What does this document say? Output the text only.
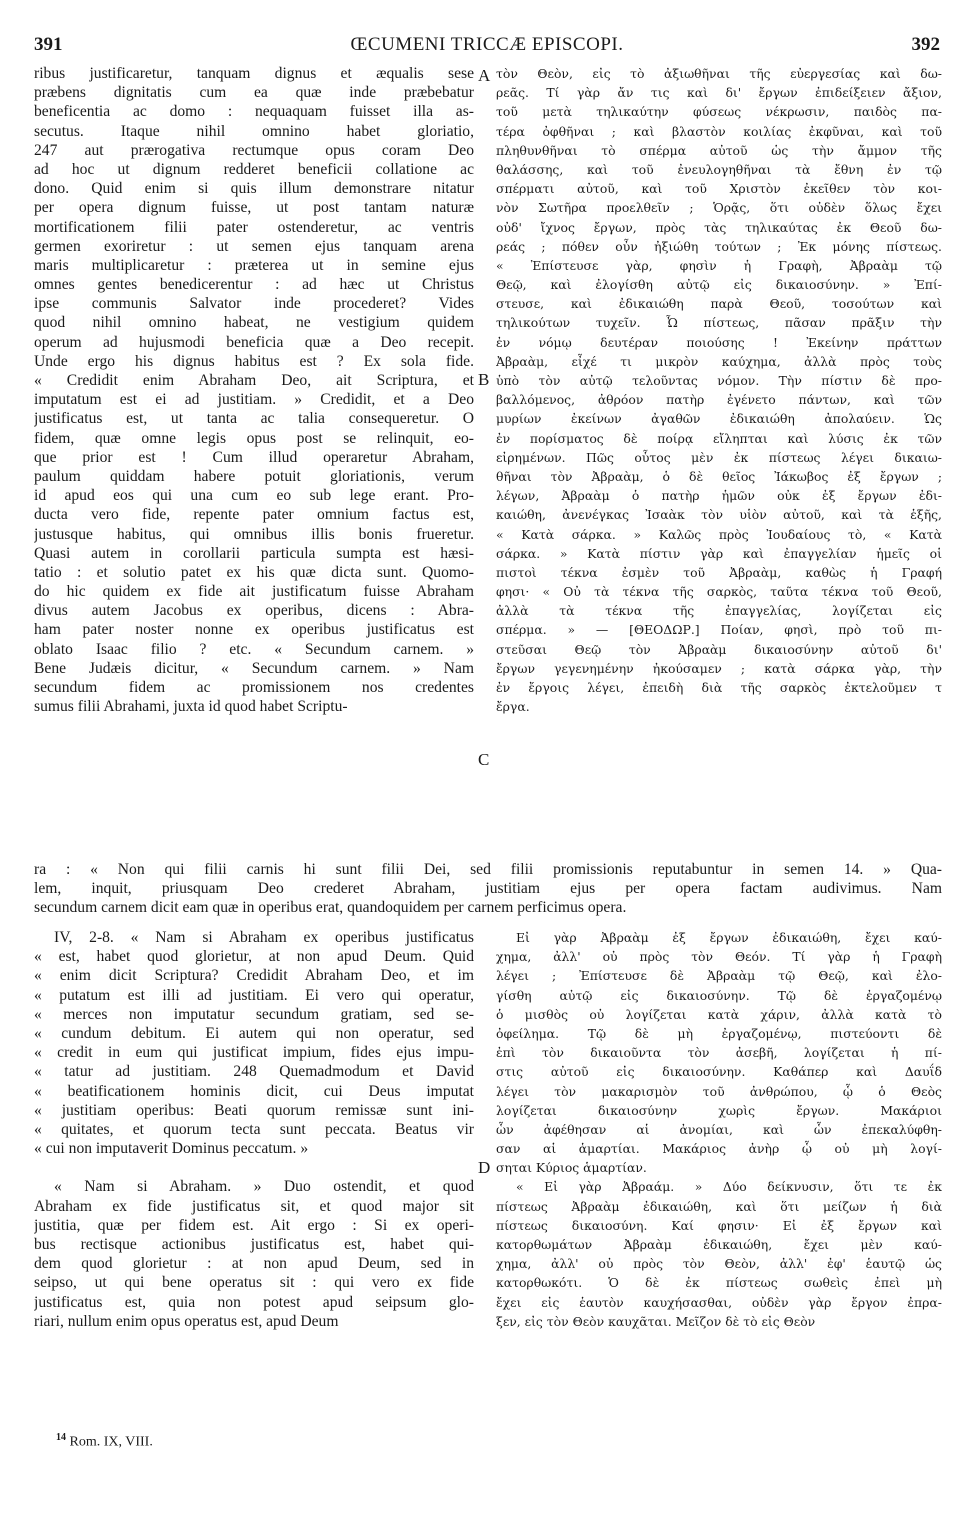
391	ŒCUMENI TRICCÆ EPISCOPI.	392
ribus justificaretur, tanquam dignus et æqualis sese
præbens dignitatis cum ea quæ inde præbebatur
beneficentia ac domo : nequaquam fuisset illa as-
secutus. Itaque nihil omnino habet gloriatio,
247 aut prærogativa rectumque opus coram Deo
ad hoc ut dignum redderet beneficii collatione ac
dono. Quid enim si quis illum demonstrare nitatur
per opera dignum fuisse, ut post tantam naturæ
mortificationem filii pater ostenderetur, ac ventris
germen exoriretur : ut semen ejus tanquam arena
maris multiplicaretur : præterea ut in semine ejus
omnes gentes benedicerentur : ad hæc ut Christus
ipse communis Salvator inde procederet? Vides
quod nihil omnino habeat, ne vestigium quidem
operum ad hujusmodi beneficia quæ a Deo recepit.
Unde ergo his dignus habitus est ? Ex sola fide.
« Credidit enim Abraham Deo, ait Scriptura, et
imputatum est ei ad justitiam. » Credidit, et a Deo
justificatus est, ut tanta ac talia consequeretur. O
fidem, quæ omne legis opus post se relinquit, eo-
que prior est ! Cum illud operaretur Abraham,
paulum quiddam habere potuit gloriationis, verum
id apud eos qui una cum eo sub lege erant. Pro-
ducta vero fide, repente pater omnium factus est,
justusque habitus, qui omnibus illis bonis frueretur.
Quasi autem in corollarii particula sumpta est hæsi-
tatio : et solutio patet ex his quæ dicta sunt. Quomo-
do hic quidem ex fide ait justificatum fuisse Abraham
divus autem Jacobus ex operibus, dicens : Abra-
ham pater noster nonne ex operibus justificatus est
oblato Isaac filio ? etc. « Secundum carnem. »
Bene Judæis dicitur, « Secundum carnem. » Nam
secundum fidem ac promissionem nos credentes
sumus filii Abrahami, juxta id quod habet Scriptu-
τὸν Θεὸν, εἰς τὸ ἀξιωθῆναι τῆς εὐεργεσίας καὶ δω-
ρεᾶς. Τί γὰρ ἄν τις καὶ δι' ἔργων ἐπιδείξειεν ἄξιον,
τοῦ μετὰ τηλικαύτην φύσεως νέκρωσιν, παιδὸς πα-
τέρα ὀφθῆναι ; καὶ βλαστὸν κοιλίας ἐκφῦναι, καὶ τοῦ
πληθυνθῆναι τὸ σπέρμα αὐτοῦ ὡς τὴν ἄμμον τῆς
θαλάσσης, καὶ τοῦ ἐνευλογηθῆναι τὰ ἔθνη ἐν τῷ
σπέρματι αὐτοῦ, καὶ τοῦ Χριστὸν ἐκεῖθεν τὸν κοι-
νὸν Σωτῆρα προελθεῖν ; Ὁρᾷς, ὅτι οὐδὲν ὅλως ἔχει
οὐδ' ἴχνος ἔργων, πρὸς τὰς τηλικαύτας ἐκ Θεοῦ δω-
ρεάς ; πόθεν οὖν ἠξιώθη τούτων ; Ἐκ μόνης πίστεως.
« Ἐπίστευσε γὰρ, φησὶν ἡ Γραφὴ, Ἀβραὰμ τῷ
Θεῷ, καὶ ἐλογίσθη αὐτῷ εἰς δικαιοσύνην. » Ἐπί-
στευσε, καὶ ἐδικαιώθη παρὰ Θεοῦ, τοσούτων καὶ
τηλικούτων τυχεῖν. Ὦ πίστεως, πᾶσαν πρᾶξιν τὴν
ἐν νόμῳ δευτέραν ποιούσης ! Ἐκείνην πράττων
Ἀβραὰμ, εἶχέ τι μικρὸν καύχημα, ἀλλὰ πρὸς τοὺς
ὑπὸ τὸν αὐτῷ τελοῦντας νόμον. Τὴν πίστιν δὲ προ-
βαλλόμενος, ἀθρόον πατὴρ ἐγένετο πάντων, καὶ τῶν
μυρίων ἐκείνων ἀγαθῶν ἐδικαιώθη ἀπολαύειν. Ὡς
ἐν πορίσματος δὲ ποίρᾳ εἴληπται καὶ λύσις ἐκ τῶν
εἰρημένων. Πῶς οὗτος μὲν ἐκ πίστεως λέγει δικαιω-
θῆναι τὸν Ἀβραὰμ, ὁ δὲ θεῖος Ἰάκωβος ἐξ ἔργων ;
λέγων, Ἀβραὰμ ὁ πατὴρ ἡμῶν οὐκ ἐξ ἔργων ἐδι-
καιώθη, ἀνενέγκας Ἰσαὰκ τὸν υἱὸν αὐτοῦ, καὶ τὰ ἑξῆς,
« Κατὰ σάρκα. » Καλῶς πρὸς Ἰουδαίους τὸ, « Κατὰ
σάρκα. » Κατὰ πίστιν γὰρ καὶ ἐπαγγελίαν ἡμεῖς οἱ
πιστοὶ τέκνα ἐσμὲν τοῦ Ἀβραὰμ, καθὼς ἡ Γραφή
φησι· « Οὐ τὰ τέκνα τῆς σαρκὸς, ταῦτα τέκνα τοῦ Θεοῦ,
ἀλλὰ τὰ τέκνα τῆς ἐπαγγελίας, λογίζεται εἰς
σπέρμα. » — [ΘΕΟΔΩΡ.] Ποίαν, φησὶ, πρὸ τοῦ πι-
στεῦσαι Θεῷ τὸν Ἀβραὰμ δικαιοσύνην αὐτοῦ δι'
ἔργων γεγενημένην ἠκούσαμεν ; κατὰ σάρκα γὰρ, τὴν
ἐν ἔργοις λέγει, ἐπειδὴ διὰ τῆς σαρκὸς ἐκτελοῦμεν τ
ἔργα.
ra : « Non qui filii carnis hi sunt filii Dei, sed filii promissionis reputabuntur in semen 14. » Qua-
lem, inquit, priusquam Deo crederet Abraham, justitiam ejus per opera factam audivimus. Nam
secundum carnem dicit eam quæ in operibus erat, quandoquidem per carnem perficimus opera.
IV, 2-8. « Nam si Abraham ex operibus justificatus
« est, habet quod glorietur, at non apud Deum. Quid
« enim dicit Scriptura? Credidit Abraham Deo, et im
« putatum est illi ad justitiam. Ei vero qui operatur,
« merces non imputatur secundum gratiam, sed se-
« cundum debitum. Ei autem qui non operatur, sed
« credit in eum qui justificat impium, fides ejus impu-
« tatur ad justitiam. 248 Quemadmodum et David
« beatificationem hominis dicit, cui Deus imputat
« justitiam operibus: Beati quorum remissæ sunt ini-
« quitates, et quorum tecta sunt peccata. Beatus vir
« cui non imputaverit Dominus peccatum. »
« Nam si Abraham. » Duo ostendit, et quod
Abraham ex fide justificatus sit, et quod major sit
justitia, quæ per fidem est. Ait ergo : Si ex operi-
bus rectisque actionibus justificatus est, habet qui-
dem quod glorietur : at non apud Deum, sed in
seipso, ut qui bene operatus sit : qui vero ex fide
justificatus est, quia non potest apud seipsum glo-
riari, nullum enim opus operatus est, apud Deum
Εἰ γὰρ Ἀβραὰμ ἐξ ἔργων ἐδικαιώθη, ἔχει καύ-
χημα, ἀλλ' οὐ πρὸς τὸν Θεόν. Τί γὰρ ἡ Γραφὴ
λέγει ; Ἐπίστευσε δὲ Ἀβραὰμ τῷ Θεῷ, καὶ ἐλο-
γίσθη αὐτῷ εἰς δικαιοσύνην. Τῷ δὲ ἐργαζομένῳ
ὁ μισθὸς οὐ λογίζεται κατὰ χάριν, ἀλλὰ κατὰ τὸ
ὀφείλημα. Τῷ δὲ μὴ ἐργαζομένῳ, πιστεύοντι δὲ
ἐπὶ τὸν δικαιοῦντα τὸν ἀσεβῆ, λογίζεται ἡ πί-
στις αὐτοῦ εἰς δικαιοσύνην. Καθάπερ καὶ Δαυΐδ
λέγει τὸν μακαρισμὸν τοῦ ἀνθρώπου, ᾧ ὁ Θεὸς
λογίζεται δικαιοσύνην χωρὶς ἔργων. Μακάριοι
ὧν ἀφέθησαν αἱ ἀνομίαι, καὶ ὧν ἐπεκαλύφθη-
σαν αἱ ἁμαρτίαι. Μακάριος ἀνὴρ ᾧ οὐ μὴ λογί-
σηται Κύριος ἁμαρτίαν.
« Εἰ γὰρ Ἀβραάμ. » Δύο δείκνυσιν, ὅτι τε ἐκ
πίστεως Ἀβραὰμ ἐδικαιώθη, καὶ ὅτι μείζων ἡ διὰ
πίστεως δικαιοσύνη. Καί φησιν· Εἰ ἐξ ἔργων καὶ
κατορθωμάτων Ἀβραὰμ ἐδικαιώθη, ἔχει μὲν καύ-
χημα, ἀλλ' οὐ πρὸς τὸν Θεὸν, ἀλλ' ἐφ' ἑαυτῷ ὡς
κατορθωκότι. Ὁ δὲ ἐκ πίστεως σωθεὶς ἐπεὶ μὴ
ἔχει εἰς ἑαυτὸν καυχήσασθαι, οὐδὲν γὰρ ἔργον ἐπρα-
ξεν, εἰς τὸν Θεὸν καυχᾶται. Μεῖζον δὲ τὸ εἰς Θεὸν
A
B
C
D
$^{14}$ Rom. IX, VIII.
